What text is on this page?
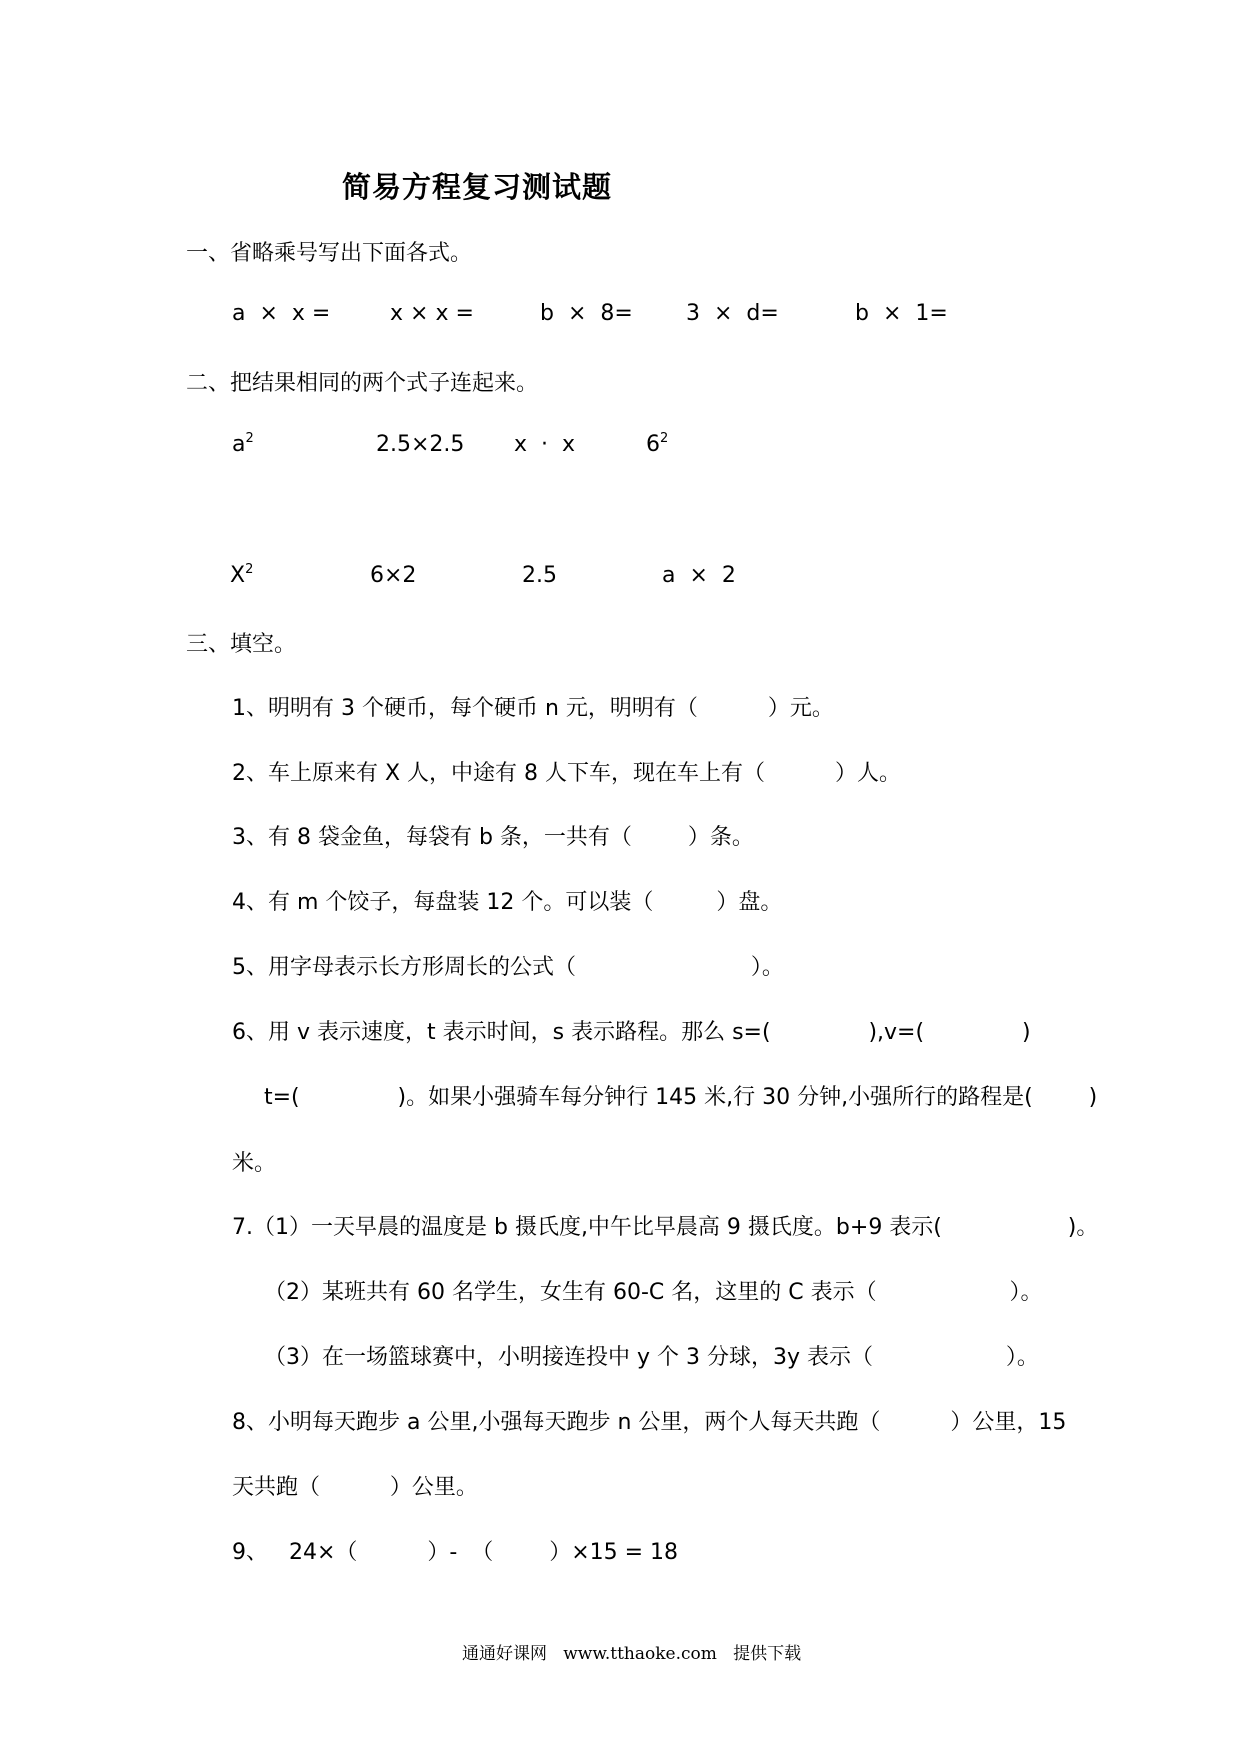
简易方程复习测试题
一、省略乘号写出下面各式。
a  ×  x =	x × x =	b  ×  8= 3  ×  d=	b  ×  1=
二、把结果相同的两个式子连起来。
$a^2$	2.5×2.5 x  ·  x	$6^2$
$X^2$	6×2	2.5	a  ×  2
三、填空。
1、明明有 3 个硬币，每个硬币 n 元，明明有（          ）元。
2、车上原来有 X 人，中途有 8 人下车，现在车上有（          ）人。
3、有 8 袋金鱼，每袋有 b 条，一共有（        ）条。
4、有 m 个饺子，每盘装 12 个。可以装（         ）盘。
5、用字母表示长方形周长的公式（                         ）。
6、用 v 表示速度，t 表示时间，s 表示路程。那么 s=(              ),v=(              )
t=(              )。如果小强骑车每分钟行 145 米,行 30 分钟,小强所行的路程是(        )
米。
7.（1）一天早晨的温度是 b 摄氏度,中午比早晨高 9 摄氏度。b+9 表示(                  )。
（2）某班共有 60 名学生，女生有 60-C 名，这里的 C 表示（                   ）。
（3）在一场篮球赛中，小明接连投中 y 个 3 分球，3y 表示（                   ）。
8、小明每天跑步 a 公里,小强每天跑步 n 公里，两个人每天共跑（          ）公里，15
天共跑（          ）公里。
9、   24×（          ）-  （        ）×15 = 18
通通好课网   www.tthaoke.com   提供下载
